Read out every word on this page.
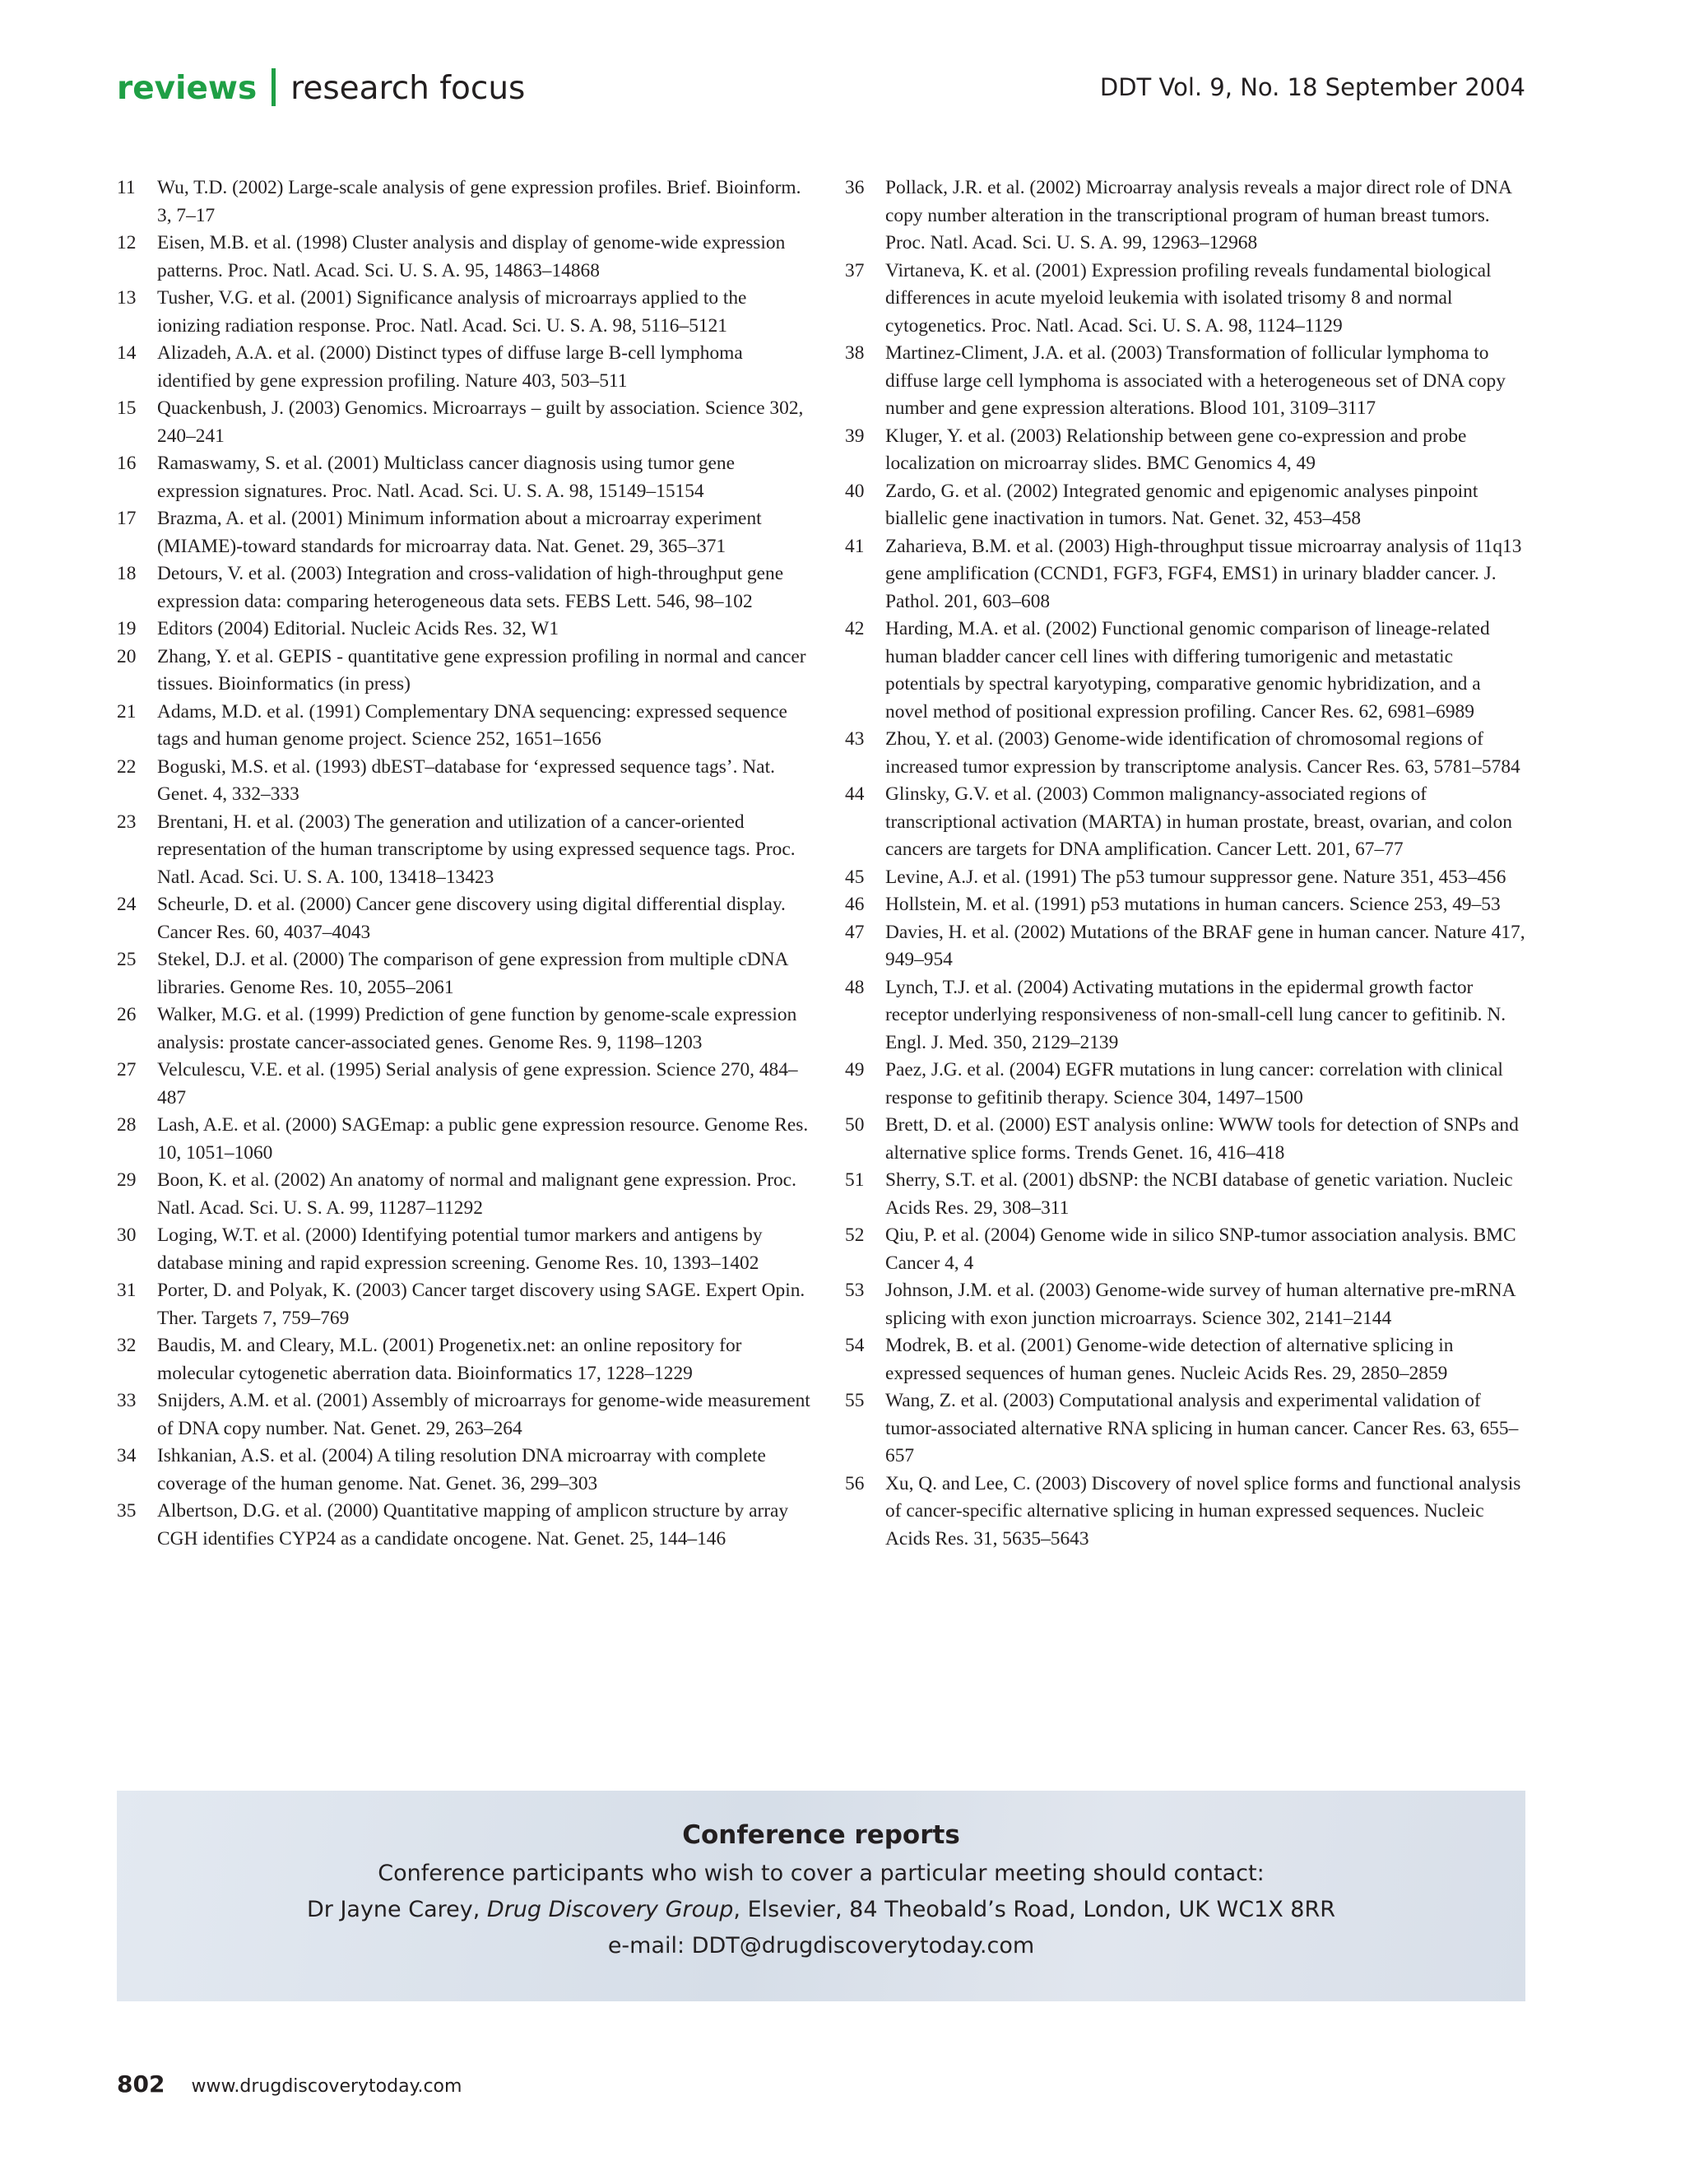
reviews research focus	DDT Vol. 9, No. 18 September 2004

11 Wu, T.D. (2002) Large-scale analysis of gene expression profiles. Brief. Bioinform. 3, 7–17

12 Eisen, M.B. et al. (1998) Cluster analysis and display of genome-wide expression patterns. Proc. Natl. Acad. Sci. U. S. A. 95, 14863–14868

13 Tusher, V.G. et al. (2001) Significance analysis of microarrays applied to the ionizing radiation response. Proc. Natl. Acad. Sci. U. S. A. 98, 5116–5121

14 Alizadeh, A.A. et al. (2000) Distinct types of diffuse large B-cell lymphoma identified by gene expression profiling. Nature 403, 503–511

15 Quackenbush, J. (2003) Genomics. Microarrays – guilt by association. Science 302, 240–241

16 Ramaswamy, S. et al. (2001) Multiclass cancer diagnosis using tumor gene expression signatures. Proc. Natl. Acad. Sci. U. S. A. 98, 15149–15154

17 Brazma, A. et al. (2001) Minimum information about a microarray experiment (MIAME)-toward standards for microarray data. Nat. Genet. 29, 365–371

18 Detours, V. et al. (2003) Integration and cross-validation of high-throughput gene expression data: comparing heterogeneous data sets. FEBS Lett. 546, 98–102

19 Editors (2004) Editorial. Nucleic Acids Res. 32, W1

20 Zhang, Y. et al. GEPIS - quantitative gene expression profiling in normal and cancer tissues. Bioinformatics (in press)

21 Adams, M.D. et al. (1991) Complementary DNA sequencing: expressed sequence tags and human genome project. Science 252, 1651–1656

22 Boguski, M.S. et al. (1993) dbEST–database for ‘expressed sequence tags’. Nat. Genet. 4, 332–333

23 Brentani, H. et al. (2003) The generation and utilization of a cancer-oriented representation of the human transcriptome by using expressed sequence tags. Proc. Natl. Acad. Sci. U. S. A. 100, 13418–13423

24 Scheurle, D. et al. (2000) Cancer gene discovery using digital differential display. Cancer Res. 60, 4037–4043

25 Stekel, D.J. et al. (2000) The comparison of gene expression from multiple cDNA libraries. Genome Res. 10, 2055–2061

26 Walker, M.G. et al. (1999) Prediction of gene function by genome-scale expression analysis: prostate cancer-associated genes. Genome Res. 9, 1198–1203

27 Velculescu, V.E. et al. (1995) Serial analysis of gene expression. Science 270, 484–487

28 Lash, A.E. et al. (2000) SAGEmap: a public gene expression resource. Genome Res. 10, 1051–1060

29 Boon, K. et al. (2002) An anatomy of normal and malignant gene expression. Proc. Natl. Acad. Sci. U. S. A. 99, 11287–11292

30 Loging, W.T. et al. (2000) Identifying potential tumor markers and antigens by database mining and rapid expression screening. Genome Res. 10, 1393–1402

31 Porter, D. and Polyak, K. (2003) Cancer target discovery using SAGE. Expert Opin. Ther. Targets 7, 759–769

32 Baudis, M. and Cleary, M.L. (2001) Progenetix.net: an online repository for molecular cytogenetic aberration data. Bioinformatics 17, 1228–1229

33 Snijders, A.M. et al. (2001) Assembly of microarrays for genome-wide measurement of DNA copy number. Nat. Genet. 29, 263–264

34 Ishkanian, A.S. et al. (2004) A tiling resolution DNA microarray with complete coverage of the human genome. Nat. Genet. 36, 299–303

35 Albertson, D.G. et al. (2000) Quantitative mapping of amplicon structure by array CGH identifies CYP24 as a candidate oncogene. Nat. Genet. 25, 144–146

36 Pollack, J.R. et al. (2002) Microarray analysis reveals a major direct role of DNA copy number alteration in the transcriptional program of human breast tumors. Proc. Natl. Acad. Sci. U. S. A. 99, 12963–12968

37 Virtaneva, K. et al. (2001) Expression profiling reveals fundamental biological differences in acute myeloid leukemia with isolated trisomy 8 and normal cytogenetics. Proc. Natl. Acad. Sci. U. S. A. 98, 1124–1129

38 Martinez-Climent, J.A. et al. (2003) Transformation of follicular lymphoma to diffuse large cell lymphoma is associated with a heterogeneous set of DNA copy number and gene expression alterations. Blood 101, 3109–3117

39 Kluger, Y. et al. (2003) Relationship between gene co-expression and probe localization on microarray slides. BMC Genomics 4, 49

40 Zardo, G. et al. (2002) Integrated genomic and epigenomic analyses pinpoint biallelic gene inactivation in tumors. Nat. Genet. 32, 453–458

41 Zaharieva, B.M. et al. (2003) High-throughput tissue microarray analysis of 11q13 gene amplification (CCND1, FGF3, FGF4, EMS1) in urinary bladder cancer. J. Pathol. 201, 603–608

42 Harding, M.A. et al. (2002) Functional genomic comparison of lineage-related human bladder cancer cell lines with differing tumorigenic and metastatic potentials by spectral karyotyping, comparative genomic hybridization, and a novel method of positional expression profiling. Cancer Res. 62, 6981–6989

43 Zhou, Y. et al. (2003) Genome-wide identification of chromosomal regions of increased tumor expression by transcriptome analysis. Cancer Res. 63, 5781–5784

44 Glinsky, G.V. et al. (2003) Common malignancy-associated regions of transcriptional activation (MARTA) in human prostate, breast, ovarian, and colon cancers are targets for DNA amplification. Cancer Lett. 201, 67–77

45 Levine, A.J. et al. (1991) The p53 tumour suppressor gene. Nature 351, 453–456

46 Hollstein, M. et al. (1991) p53 mutations in human cancers. Science 253, 49–53

47 Davies, H. et al. (2002) Mutations of the BRAF gene in human cancer. Nature 417, 949–954

48 Lynch, T.J. et al. (2004) Activating mutations in the epidermal growth factor receptor underlying responsiveness of non-small-cell lung cancer to gefitinib. N. Engl. J. Med. 350, 2129–2139

49 Paez, J.G. et al. (2004) EGFR mutations in lung cancer: correlation with clinical response to gefitinib therapy. Science 304, 1497–1500

50 Brett, D. et al. (2000) EST analysis online: WWW tools for detection of SNPs and alternative splice forms. Trends Genet. 16, 416–418

51 Sherry, S.T. et al. (2001) dbSNP: the NCBI database of genetic variation. Nucleic Acids Res. 29, 308–311

52 Qiu, P. et al. (2004) Genome wide in silico SNP-tumor association analysis. BMC Cancer 4, 4

53 Johnson, J.M. et al. (2003) Genome-wide survey of human alternative pre-mRNA splicing with exon junction microarrays. Science 302, 2141–2144

54 Modrek, B. et al. (2001) Genome-wide detection of alternative splicing in expressed sequences of human genes. Nucleic Acids Res. 29, 2850–2859

55 Wang, Z. et al. (2003) Computational analysis and experimental validation of tumor-associated alternative RNA splicing in human cancer. Cancer Res. 63, 655–657

56 Xu, Q. and Lee, C. (2003) Discovery of novel splice forms and functional analysis of cancer-specific alternative splicing in human expressed sequences. Nucleic Acids Res. 31, 5635–5643

Conference reports
Conference participants who wish to cover a particular meeting should contact:
Dr Jayne Carey, Drug Discovery Group, Elsevier, 84 Theobald’s Road, London, UK WC1X 8RR
e-mail: DDT@drugdiscoverytoday.com
802 www.drugdiscoverytoday.com
